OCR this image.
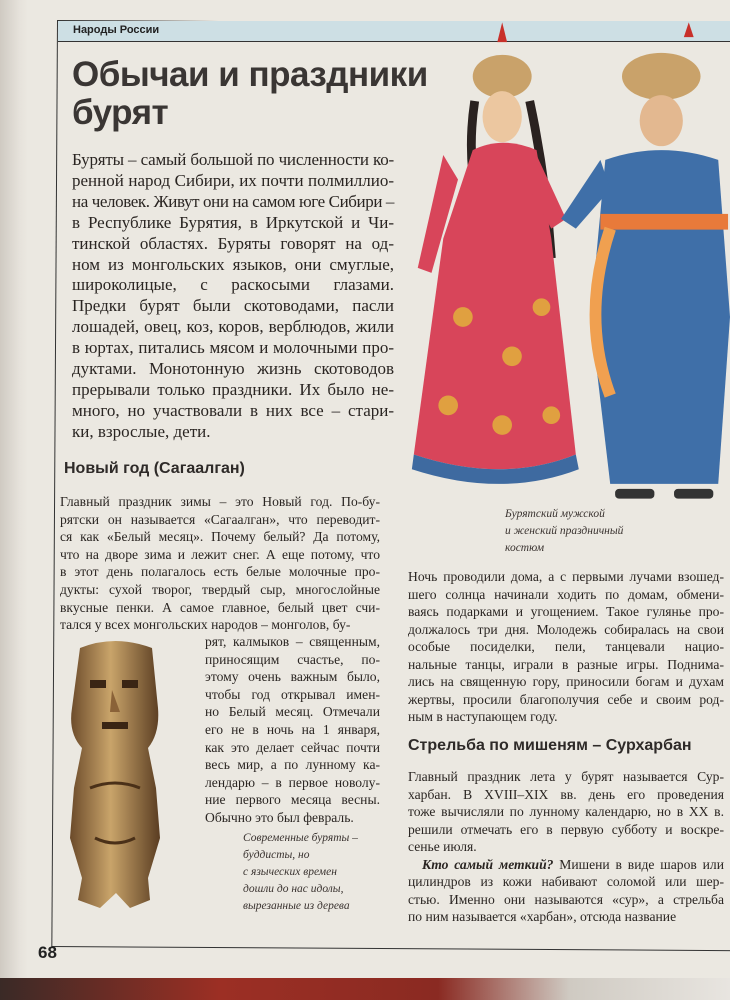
Народы России
Обычаи и праздники
бурят
Буряты – самый большой по численности ко-
ренной народ Сибири, их почти полмиллио-
на человек. Живут они на самом юге Сибири –
в Республике Бурятия, в Иркутской и Чи-
тинской областях. Буряты говорят на од-
ном из монгольских языков, они смуглые,
широколицые, с раскосыми глазами.
Предки бурят были скотоводами, пасли
лошадей, овец, коз, коров, верблюдов, жили
в юртах, питались мясом и молочными про-
дуктами. Монотонную жизнь скотоводов
прерывали только праздники. Их было не-
много, но участвовали в них все – стари-
ки, взрослые, дети.
Новый год (Сагаалган)
Главный праздник зимы – это Новый год. По-бу-
рятски он называется «Сагаалган», что переводит-
ся как «Белый месяц». Почему белый? Да потому,
что на дворе зима и лежит снег. А еще потому, что
в этот день полагалось есть белые молочные про-
дукты: сухой творог, твердый сыр, многослойные
вкусные пенки. А самое главное, белый цвет счи-
тался у всех монгольских народов – монголов, бу-
рят, калмыков – священным,
приносящим счастье, по-
этому очень важным было,
чтобы год открывал имен-
но Белый месяц. Отмечали
его не в ночь на 1 января,
как это делает сейчас почти
весь мир, а по лунному ка-
лендарю – в первое новолу-
ние первого месяца весны.
Обычно это был февраль.
Современные буряты –
буддисты, но
с языческих времен
дошли до нас идолы,
вырезанные из дерева
Бурятский мужской
и женский праздничный
костюм
Ночь проводили дома, а с первыми лучами взошед-
шего солнца начинали ходить по домам, обмени-
ваясь подарками и угощением. Такое гулянье про-
должалось три дня. Молодежь собиралась на свои
особые посиделки, пели, танцевали нацио-
нальные танцы, играли в разные игры. Поднима-
лись на священную гору, приносили богам и духам
жертвы, просили благополучия себе и своим род-
ным в наступающем году.
Стрельба по мишеням – Сурхарбан
Главный праздник лета у бурят называется Сур-
харбан. В XVIII–XIX вв. день его проведения
тоже вычисляли по лунному календарю, но в XX в.
решили отмечать его в первую субботу и воскре-
сенье июля.
Кто самый меткий? Мишени в виде шаров или
цилиндров из кожи набивают соломой или шер-
стью. Именно они называются «сур», а стрельба
по ним называется «харбан», отсюда название
68
